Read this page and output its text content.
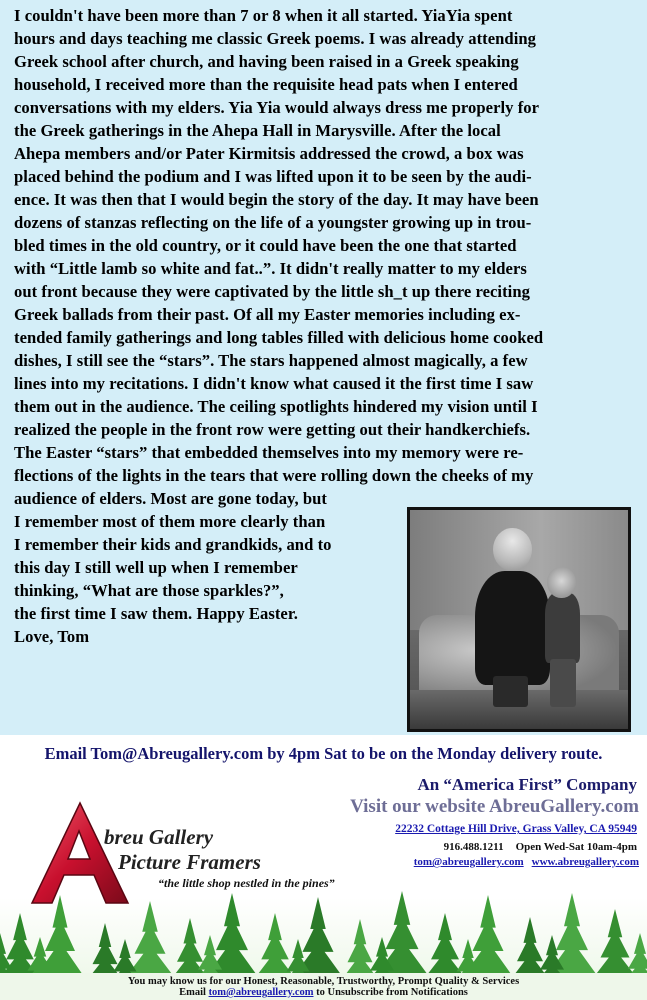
I couldn't have been more than 7 or 8 when it all started. YiaYia spent
hours and days teaching me classic Greek poems. I was already attending
Greek school after church, and having been raised in a Greek speaking
household, I received more than the requisite head pats when I entered
conversations with my elders. Yia Yia would always dress me properly for
the Greek gatherings in the Ahepa Hall in Marysville. After the local
Ahepa members and/or Pater Kirmitsis addressed the crowd, a box was
placed behind the podium and I was lifted upon it to be seen by the audi-
ence. It was then that I would begin the story of the day. It may have been
dozens of stanzas reflecting on the life of a youngster growing up in trou-
bled times in the old country, or it could have been the one that started
with “Little lamb so white and fat..”. It didn't really matter to my elders
out front because they were captivated by the little sh_t up there reciting
Greek ballads from their past. Of all my Easter memories including ex-
tended family gatherings and long tables filled with delicious home cooked
dishes, I still see the “stars”. The stars happened almost magically, a few
lines into my recitations. I didn't know what caused it the first time I saw
them out in the audience. The ceiling spotlights hindered my vision until I
realized the people in the front row were getting out their handkerchiefs.
The Easter “stars” that embedded themselves into my memory were re-
flections of the lights in the tears that were rolling down the cheeks of my
audience of elders. Most are gone today, but
I remember most of them more clearly than
I remember their kids and grandkids, and to
this day I still well up when I remember
thinking, “What are those sparkles?”,
the first time I saw them. Happy Easter.
Love, Tom
Email Tom@Abreugallery.com by 4pm Sat to be on the Monday delivery route.
An “America First” Company
Visit our website AbreuGallery.com
22232 Cottage Hill Drive, Grass Valley, CA 95949
916.488.1211 Open Wed-Sat 10am-4pm
tom@abreugallery.com www.abreugallery.com
breu Gallery
Picture Framers
“the little shop nestled in the pines”
You may know us for our Honest, Reasonable, Trustworthy, Prompt Quality & Services
Email tom@abreugallery.com to Unsubscribe from Notifications
